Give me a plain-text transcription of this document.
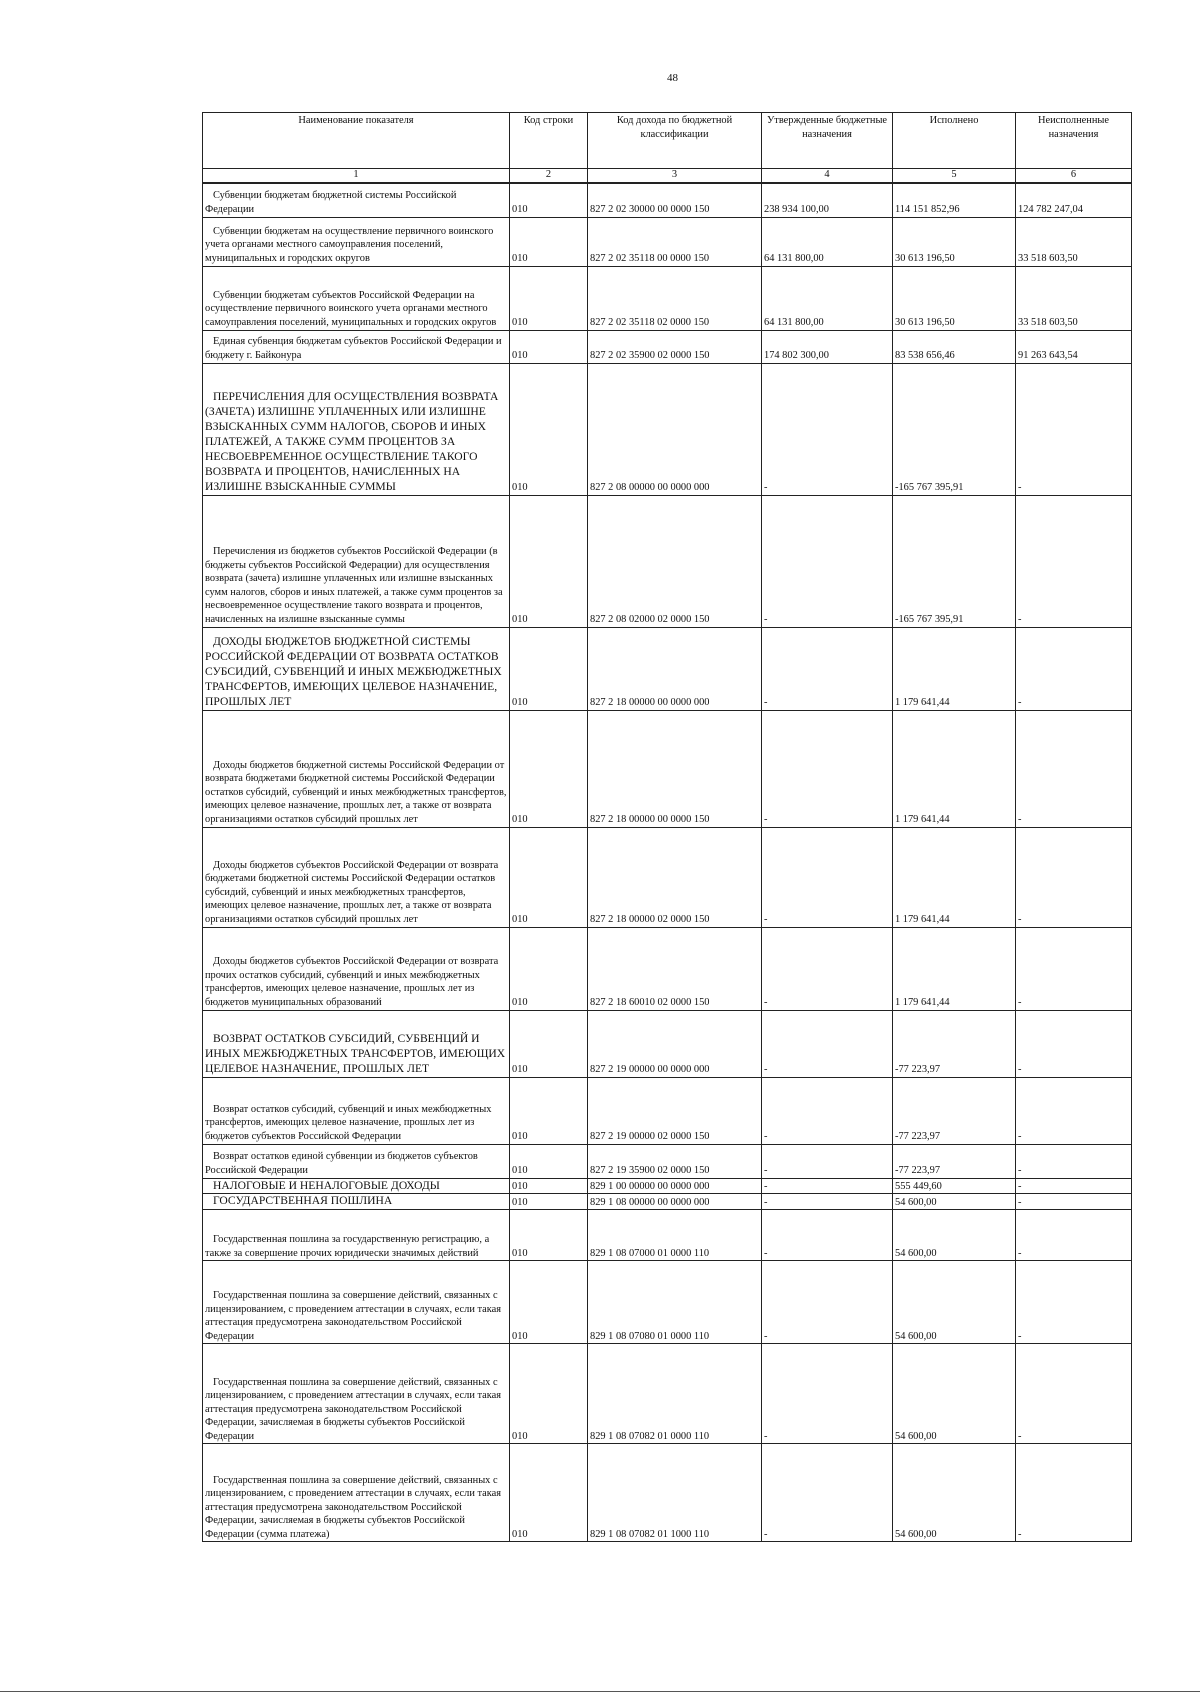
48
Наименование показателя	Код строки	Код дохода по бюджетной классификации	Утвержденные бюджетные назначения	Исполнено	Неисполненные назначения
1	2	3	4	5	6

Субвенции бюджетам бюджетной системы Российской Федерации	010	827 2 02 30000 00 0000 150	238 934 100,00	114 151 852,96	124 782 247,04

Субвенции бюджетам на осуществление первичного воинского учета органами местного самоуправления поселений, муниципальных и городских округов	010	827 2 02 35118 00 0000 150	64 131 800,00	30 613 196,50	33 518 603,50

Субвенции бюджетам субъектов Российской Федерации на осуществление первичного воинского учета органами местного самоуправления поселений, муниципальных и городских округов	010	827 2 02 35118 02 0000 150	64 131 800,00	30 613 196,50	33 518 603,50

Единая субвенция бюджетам субъектов Российской Федерации и бюджету г. Байконура	010	827 2 02 35900 02 0000 150	174 802 300,00	83 538 656,46	91 263 643,54

ПЕРЕЧИСЛЕНИЯ ДЛЯ ОСУЩЕСТВЛЕНИЯ ВОЗВРАТА (ЗАЧЕТА) ИЗЛИШНЕ УПЛАЧЕННЫХ ИЛИ ИЗЛИШНЕ ВЗЫСКАННЫХ СУММ НАЛОГОВ, СБОРОВ И ИНЫХ ПЛАТЕЖЕЙ, А ТАКЖЕ СУММ ПРОЦЕНТОВ ЗА НЕСВОЕВРЕМЕННОЕ ОСУЩЕСТВЛЕНИЕ ТАКОГО ВОЗВРАТА И ПРОЦЕНТОВ, НАЧИСЛЕННЫХ НА ИЗЛИШНЕ ВЗЫСКАННЫЕ СУММЫ	010	827 2 08 00000 00 0000 000	-	-165 767 395,91	-

Перечисления из бюджетов субъектов Российской Федерации (в бюджеты субъектов Российской Федерации) для осуществления возврата (зачета) излишне уплаченных или излишне взысканных сумм налогов, сборов и иных платежей, а также сумм процентов за несвоевременное осуществление такого возврата и процентов, начисленных на излишне взысканные суммы	010	827 2 08 02000 02 0000 150	-	-165 767 395,91	-

ДОХОДЫ БЮДЖЕТОВ БЮДЖЕТНОЙ СИСТЕМЫ РОССИЙСКОЙ ФЕДЕРАЦИИ ОТ ВОЗВРАТА ОСТАТКОВ СУБСИДИЙ, СУБВЕНЦИЙ И ИНЫХ МЕЖБЮДЖЕТНЫХ ТРАНСФЕРТОВ, ИМЕЮЩИХ ЦЕЛЕВОЕ НАЗНАЧЕНИЕ, ПРОШЛЫХ ЛЕТ	010	827 2 18 00000 00 0000 000	-	1 179 641,44	-

Доходы бюджетов бюджетной системы Российской Федерации от возврата бюджетами бюджетной системы Российской Федерации остатков субсидий, субвенций и иных межбюджетных трансфертов, имеющих целевое назначение, прошлых лет, а также от возврата организациями остатков субсидий прошлых лет	010	827 2 18 00000 00 0000 150	-	1 179 641,44	-

Доходы бюджетов субъектов Российской Федерации от возврата бюджетами бюджетной системы Российской Федерации остатков субсидий, субвенций и иных межбюджетных трансфертов, имеющих целевое назначение, прошлых лет, а также от возврата организациями остатков субсидий прошлых лет	010	827 2 18 00000 02 0000 150	-	1 179 641,44	-

Доходы бюджетов субъектов Российской Федерации от возврата прочих остатков субсидий, субвенций и иных межбюджетных трансфертов, имеющих целевое назначение, прошлых лет из бюджетов муниципальных образований	010	827 2 18 60010 02 0000 150	-	1 179 641,44	-

ВОЗВРАТ ОСТАТКОВ СУБСИДИЙ, СУБВЕНЦИЙ И ИНЫХ МЕЖБЮДЖЕТНЫХ ТРАНСФЕРТОВ, ИМЕЮЩИХ ЦЕЛЕВОЕ НАЗНАЧЕНИЕ, ПРОШЛЫХ ЛЕТ	010	827 2 19 00000 00 0000 000	-	-77 223,97	-

Возврат остатков субсидий, субвенций и иных межбюджетных трансфертов, имеющих целевое назначение, прошлых лет из бюджетов субъектов Российской Федерации	010	827 2 19 00000 02 0000 150	-	-77 223,97	-

Возврат остатков единой субвенции из бюджетов субъектов Российской Федерации	010	827 2 19 35900 02 0000 150	-	-77 223,97	-

НАЛОГОВЫЕ И НЕНАЛОГОВЫЕ ДОХОДЫ	010	829 1 00 00000 00 0000 000	-	555 449,60	-

ГОСУДАРСТВЕННАЯ ПОШЛИНА	010	829 1 08 00000 00 0000 000	-	54 600,00	-

Государственная пошлина за государственную регистрацию, а также за совершение прочих юридически значимых действий	010	829 1 08 07000 01 0000 110	-	54 600,00	-

Государственная пошлина за совершение действий, связанных с лицензированием, с проведением аттестации в случаях, если такая аттестация предусмотрена законодательством Российской Федерации	010	829 1 08 07080 01 0000 110	-	54 600,00	-

Государственная пошлина за совершение действий, связанных с лицензированием, с проведением аттестации в случаях, если такая аттестация предусмотрена законодательством Российской Федерации, зачисляемая в бюджеты субъектов Российской Федерации	010	829 1 08 07082 01 0000 110	-	54 600,00	-

Государственная пошлина за совершение действий, связанных с лицензированием, с проведением аттестации в случаях, если такая аттестация предусмотрена законодательством Российской Федерации, зачисляемая в бюджеты субъектов Российской Федерации (сумма платежа)	010	829 1 08 07082 01 1000 110	-	54 600,00	-
